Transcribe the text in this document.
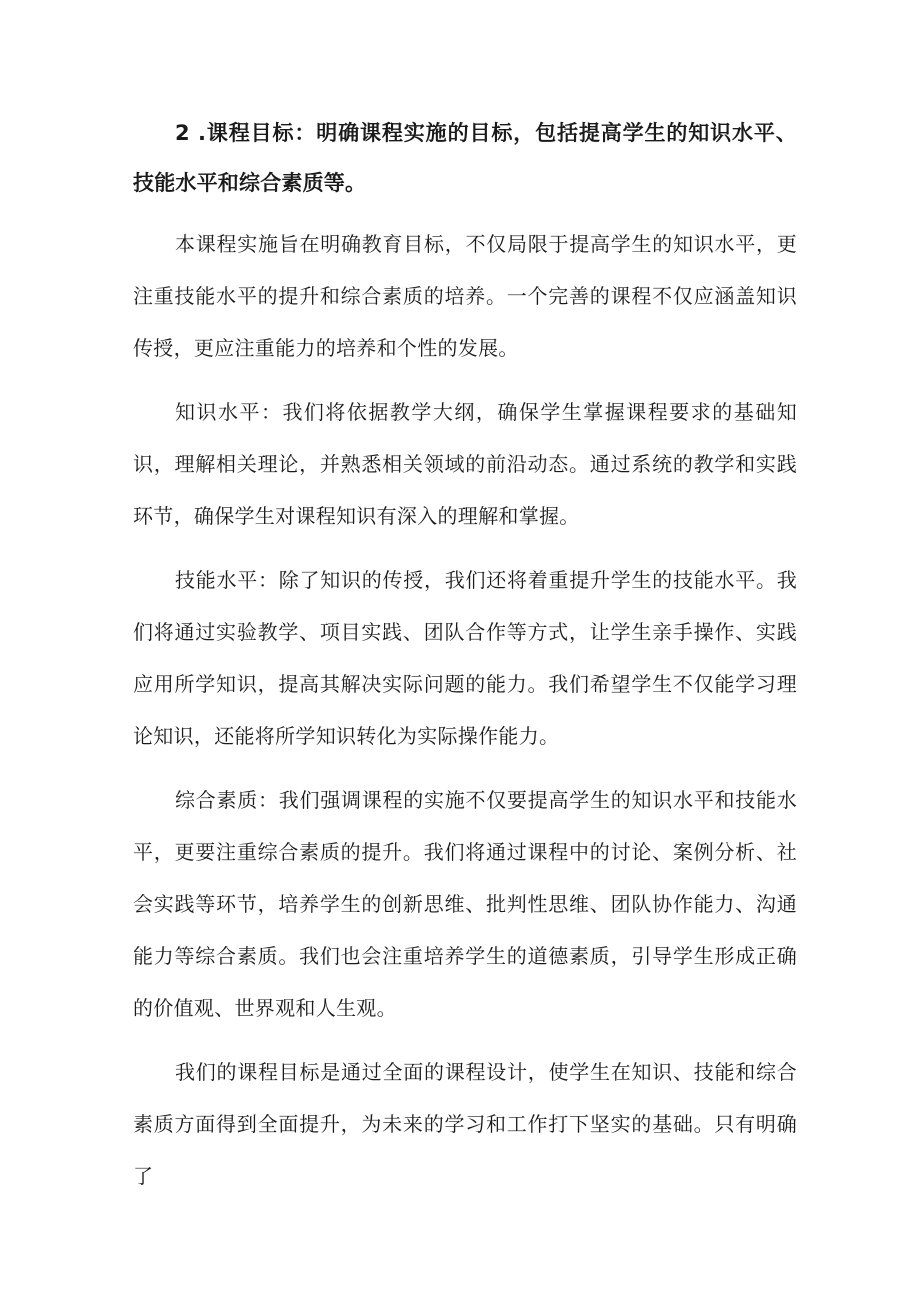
2 .课程目标：明确课程实施的目标，包括提高学生的知识水平、技能水平和综合素质等。

本课程实施旨在明确教育目标，不仅局限于提高学生的知识水平，更注重技能水平的提升和综合素质的培养。一个完善的课程不仅应涵盖知识传授，更应注重能力的培养和个性的发展。

知识水平：我们将依据教学大纲，确保学生掌握课程要求的基础知识，理解相关理论，并熟悉相关领域的前沿动态。通过系统的教学和实践环节，确保学生对课程知识有深入的理解和掌握。

技能水平：除了知识的传授，我们还将着重提升学生的技能水平。我们将通过实验教学、项目实践、团队合作等方式，让学生亲手操作、实践应用所学知识，提高其解决实际问题的能力。我们希望学生不仅能学习理论知识，还能将所学知识转化为实际操作能力。

综合素质：我们强调课程的实施不仅要提高学生的知识水平和技能水平，更要注重综合素质的提升。我们将通过课程中的讨论、案例分析、社会实践等环节，培养学生的创新思维、批判性思维、团队协作能力、沟通能力等综合素质。我们也会注重培养学生的道德素质，引导学生形成正确的价值观、世界观和人生观。

我们的课程目标是通过全面的课程设计，使学生在知识、技能和综合素质方面得到全面提升，为未来的学习和工作打下坚实的基础。只有明确了
